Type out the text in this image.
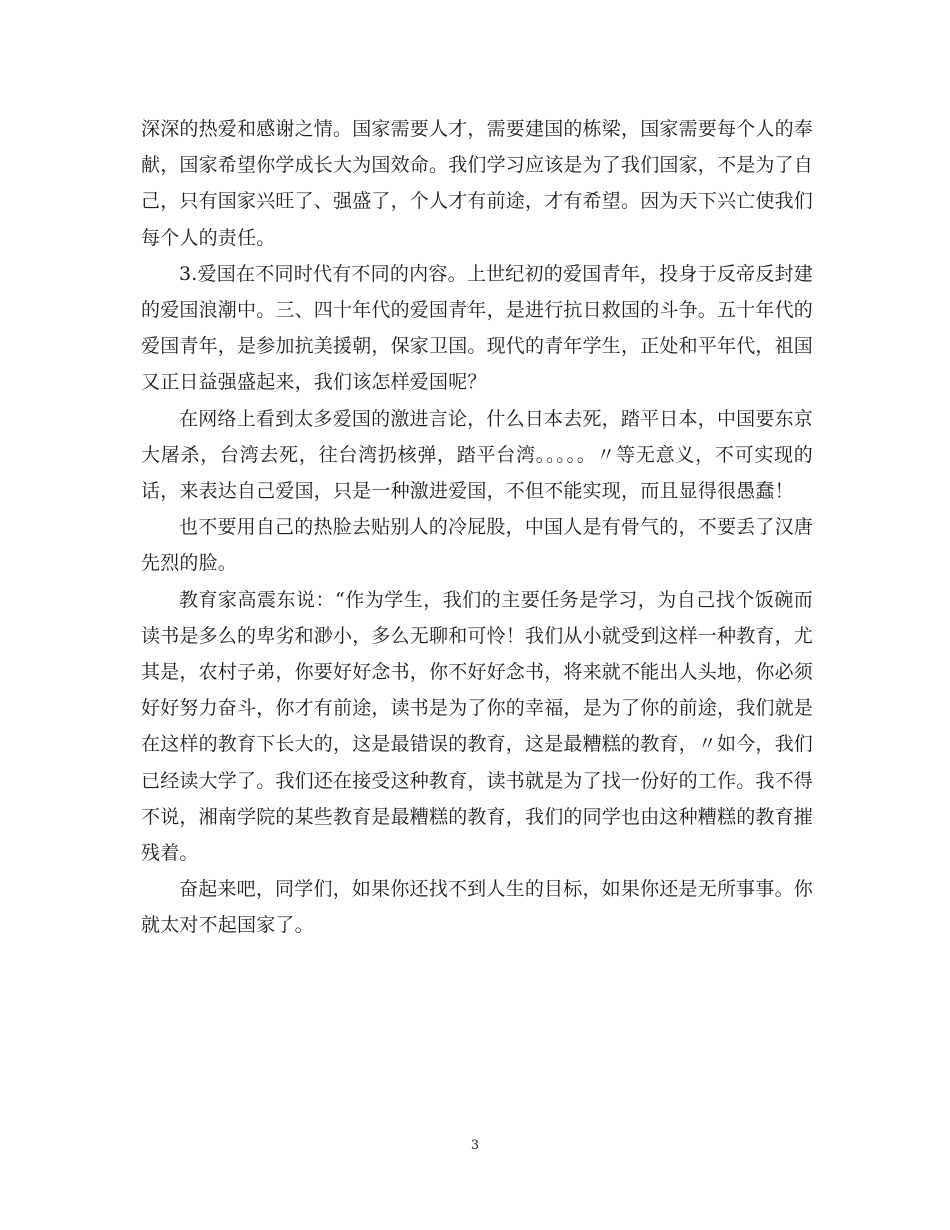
深深的热爱和感谢之情。国家需要人才，需要建国的栋梁，国家需要每个人的奉献，国家希望你学成长大为国效命。我们学习应该是为了我们国家，不是为了自己，只有国家兴旺了、强盛了，个人才有前途，才有希望。因为天下兴亡使我们每个人的责任。

3.爱国在不同时代有不同的内容。上世纪初的爱国青年，投身于反帝反封建的爱国浪潮中。三、四十年代的爱国青年，是进行抗日救国的斗争。五十年代的爱国青年，是参加抗美援朝，保家卫国。现代的青年学生，正处和平年代，祖国又正日益强盛起来，我们该怎样爱国呢？

在网络上看到太多爱国的激进言论，什么日本去死，踏平日本，中国要东京大屠杀，台湾去死，往台湾扔核弹，踏平台湾。。。。。〃等无意义，不可实现的话，来表达自己爱国，只是一种激进爱国，不但不能实现，而且显得很愚蠢！

也不要用自己的热脸去贴别人的冷屁股，中国人是有骨气的，不要丢了汉唐先烈的脸。

教育家高震东说：“作为学生，我们的主要任务是学习，为自己找个饭碗而读书是多么的卑劣和渺小，多么无聊和可怜！我们从小就受到这样一种教育，尤其是，农村子弟，你要好好念书，你不好好念书，将来就不能出人头地，你必须好好努力奋斗，你才有前途，读书是为了你的幸福，是为了你的前途，我们就是在这样的教育下长大的，这是最错误的教育，这是最糟糕的教育，〃如今，我们已经读大学了。我们还在接受这种教育，读书就是为了找一份好的工作。我不得不说，湘南学院的某些教育是最糟糕的教育，我们的同学也由这种糟糕的教育摧残着。

奋起来吧，同学们，如果你还找不到人生的目标，如果你还是无所事事。你就太对不起国家了。

3
